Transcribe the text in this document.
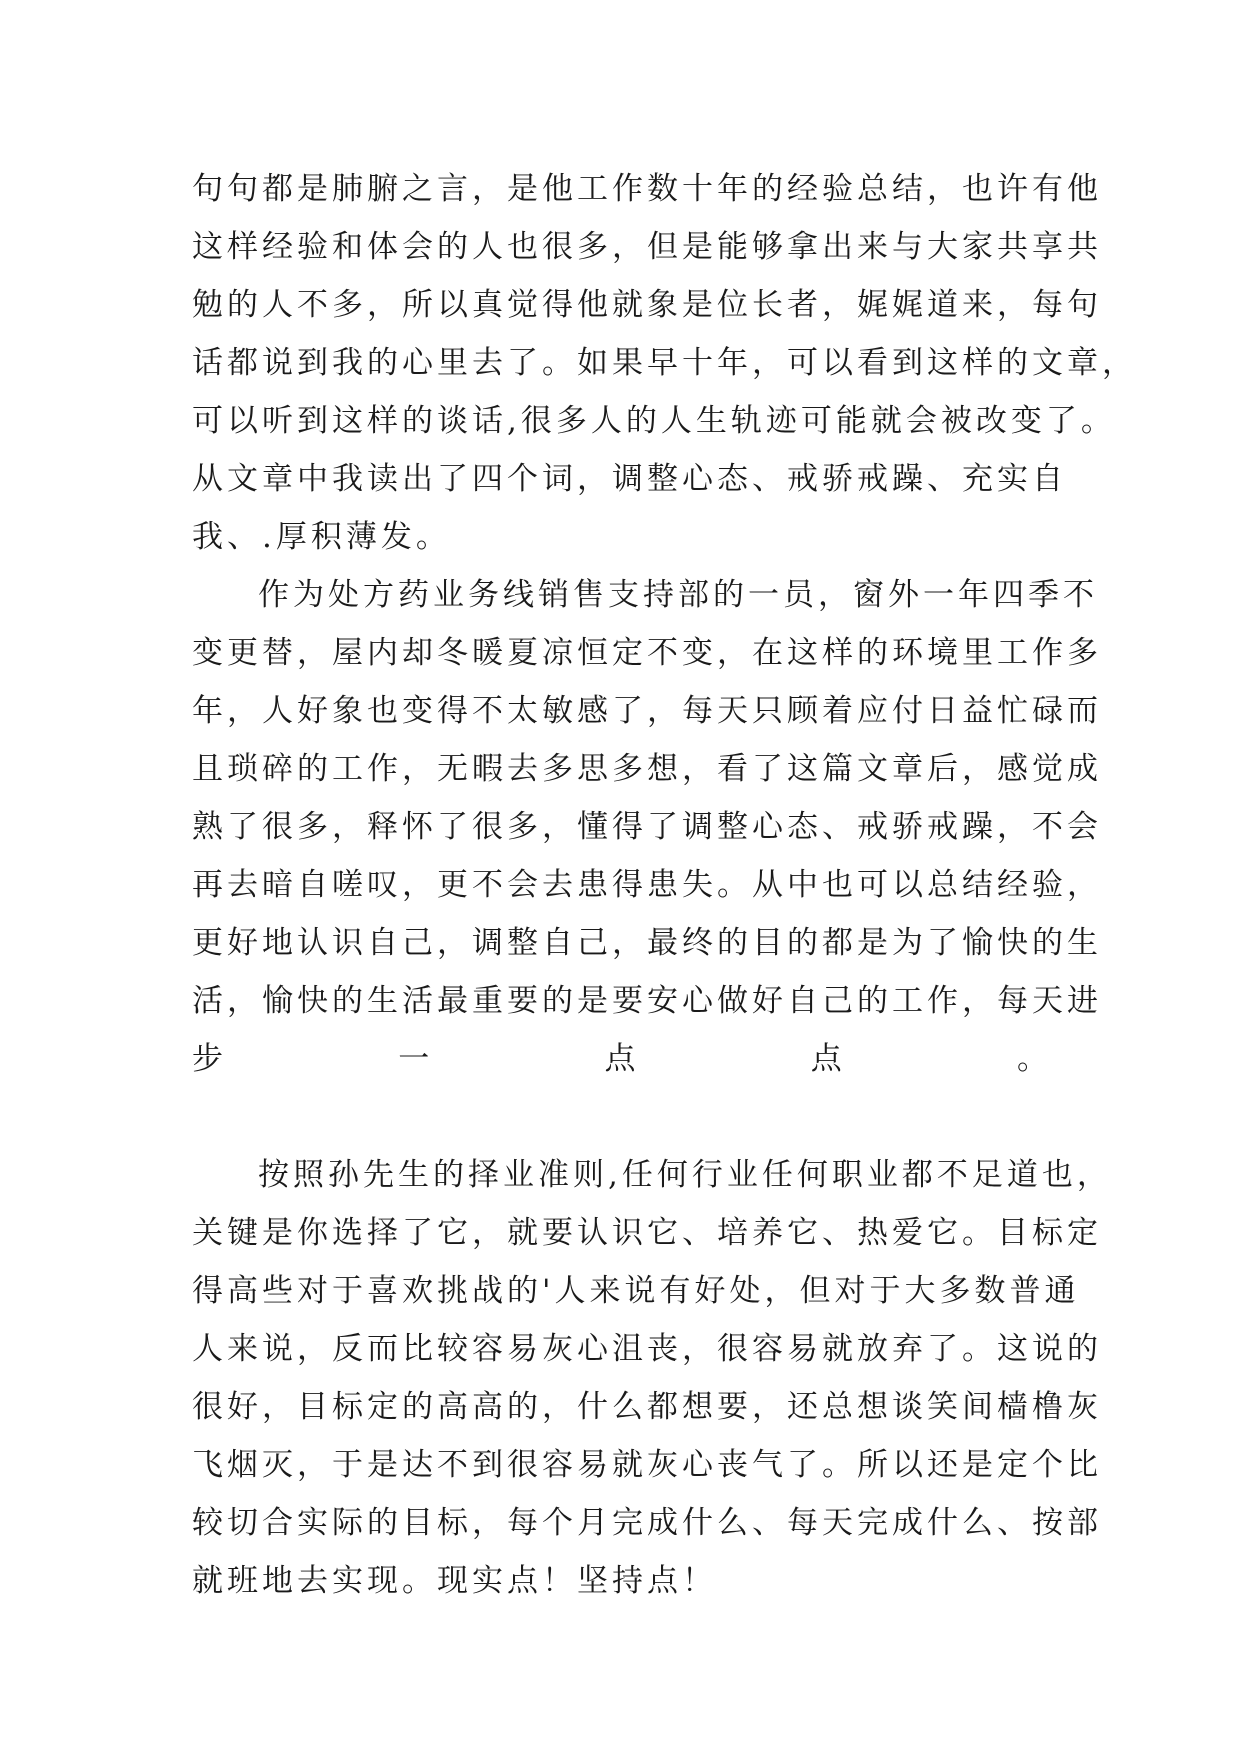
句句都是肺腑之言，是他工作数十年的经验总结，也许有他
这样经验和体会的人也很多，但是能够拿出来与大家共享共
勉的人不多，所以真觉得他就象是位长者，娓娓道来，每句
话都说到我的心里去了。如果早十年，可以看到这样的文章，
可以听到这样的谈话,很多人的人生轨迹可能就会被改变了。
从文章中我读出了四个词，调整心态、戒骄戒躁、充实自
我、.厚积薄发。
作为处方药业务线销售支持部的一员，窗外一年四季不
变更替，屋内却冬暖夏凉恒定不变，在这样的环境里工作多
年，人好象也变得不太敏感了，每天只顾着应付日益忙碌而
且琐碎的工作，无暇去多思多想，看了这篇文章后，感觉成
熟了很多，释怀了很多，懂得了调整心态、戒骄戒躁，不会
再去暗自嗟叹，更不会去患得患失。从中也可以总结经验，
更好地认识自己，调整自己，最终的目的都是为了愉快的生
活，愉快的生活最重要的是要安心做好自己的工作，每天进
步一点点。
按照孙先生的择业准则,任何行业任何职业都不足道也，
关键是你选择了它，就要认识它、培养它、热爱它。目标定
得高些对于喜欢挑战的'人来说有好处，但对于大多数普通
人来说，反而比较容易灰心沮丧，很容易就放弃了。这说的
很好，目标定的高高的，什么都想要，还总想谈笑间樯橹灰
飞烟灭，于是达不到很容易就灰心丧气了。所以还是定个比
较切合实际的目标，每个月完成什么、每天完成什么、按部
就班地去实现。现实点！坚持点！
